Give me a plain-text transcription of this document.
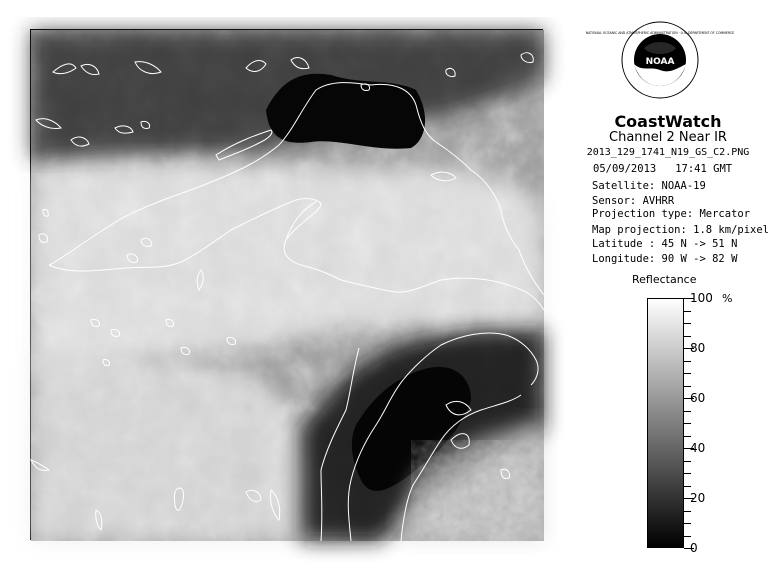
NOAA
NATIONAL OCEANIC AND ATMOSPHERIC ADMINISTRATION · U.S. DEPARTMENT OF COMMERCE
CoastWatch
Channel 2 Near IR
2013_129_1741_N19_GS_C2.PNG
05/09/2013 17:41 GMT
Satellite: NOAA-19
Sensor: AVHRR
Projection type: Mercator
Map projection: 1.8 km/pixel
Latitude : 45 N -> 51 N
Longitude: 90 W -> 82 W
Reflectance
%
100
80
60
40
20
0
